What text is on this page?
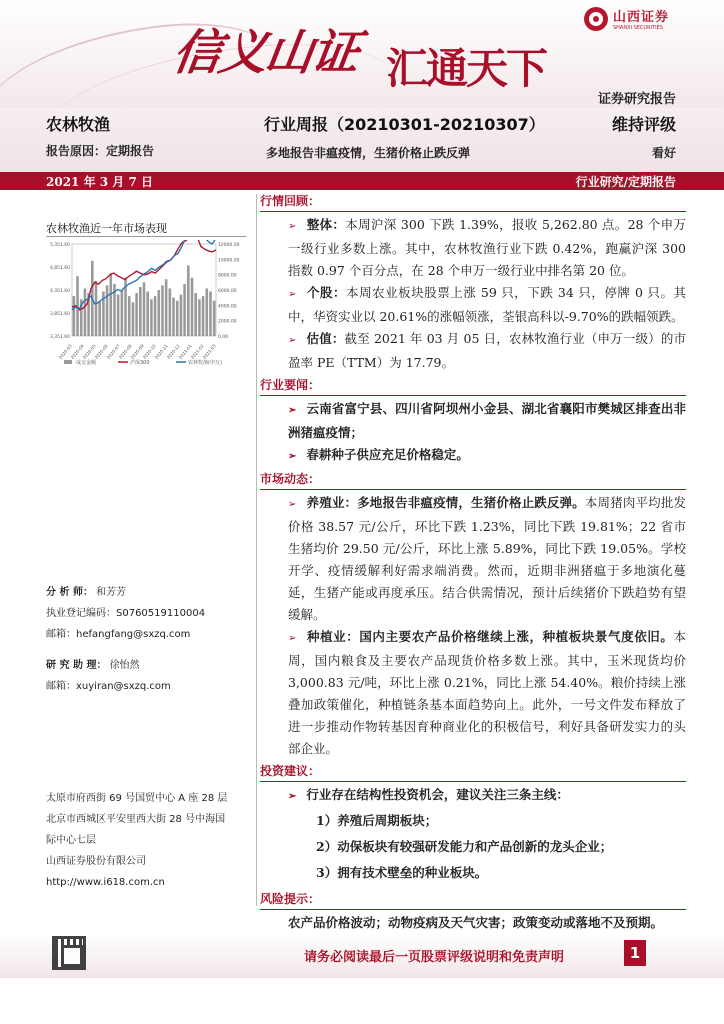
信义山证 汇通天下
山西证券
SHANXI SECURITIES
证券研究报告
农林牧渔	行业周报（20210301-20210307）	维持评级
报告原因：定期报告	多地报告非瘟疫情，生猪价格止跌反弹	看好
2021 年 3 月 7 日	行业研究/定期报告
农林牧渔近一年市场表现
3,351.60
3,851.60
4,351.60
4,851.60
5,351.60
0.00
2000.00
4000.00
6000.00
8000.00
10000.00
12000.00
2020-03
2020-04
2020-05
2020-06
2020-07
2020-08
2020-09
2020-10
2020-11
2020-12
2021-01
2021-02
2021-03
成交金额	沪深300	农林牧渔(申万)
分 析 师： 和芳芳
执业登记编码：S0760519110004
邮箱：hefangfang@sxzq.com
研 究 助 理： 徐怡然
邮箱：xuyiran@sxzq.com
太原市府西街 69 号国贸中心 A 座 28 层
北京市西城区平安里西大街 28 号中海国
际中心七层
山西证券股份有限公司
http://www.i618.com.cn
行情回顾：
➢ 整体：本周沪深 300 下跌 1.39%，报收 5,262.80 点。28 个申万一级行业多数上涨。其中，农林牧渔行业下跌 0.42%，跑赢沪深 300 指数 0.97 个百分点，在 28 个申万一级行业中排名第 20 位。
➢ 个股：本周农业板块股票上涨 59 只，下跌 34 只，停牌 0 只。其中，华资实业以 20.61%的涨幅领涨，荃银高科以-9.70%的跌幅领跌。
➢ 估值：截至 2021 年 03 月 05 日，农林牧渔行业（申万一级）的市盈率 PE（TTM）为 17.79。
行业要闻：
➢ 云南省富宁县、四川省阿坝州小金县、湖北省襄阳市樊城区排查出非洲猪瘟疫情；
➢ 春耕种子供应充足价格稳定。
市场动态：
➢ 养殖业：多地报告非瘟疫情，生猪价格止跌反弹。本周猪肉平均批发价格 38.57 元/公斤，环比下跌 1.23%，同比下跌 19.81%；22 省市生猪均价 29.50 元/公斤，环比上涨 5.89%，同比下跌 19.05%。学校开学、疫情缓解利好需求端消费。然而，近期非洲猪瘟于多地演化蔓延，生猪产能或再度承压。结合供需情况，预计后续猪价下跌趋势有望缓解。
➢ 种植业：国内主要农产品价格继续上涨，种植板块景气度依旧。本周，国内粮食及主要农产品现货价格多数上涨。其中，玉米现货均价 3,000.83 元/吨，环比上涨 0.21%，同比上涨 54.40%。粮价持续上涨叠加政策催化，种植链条基本面趋势向上。此外，一号文件发布释放了进一步推动作物转基因育种商业化的积极信号，利好具备研发实力的头部企业。
投资建议：
➢ 行业存在结构性投资机会，建议关注三条主线：
1）养殖后周期板块；
2）动保板块有较强研发能力和产品创新的龙头企业；
3）拥有技术壁垒的种业板块。
风险提示：
农产品价格波动；动物疫病及天气灾害；政策变动或落地不及预期。
请务必阅读最后一页股票评级说明和免责声明	1
